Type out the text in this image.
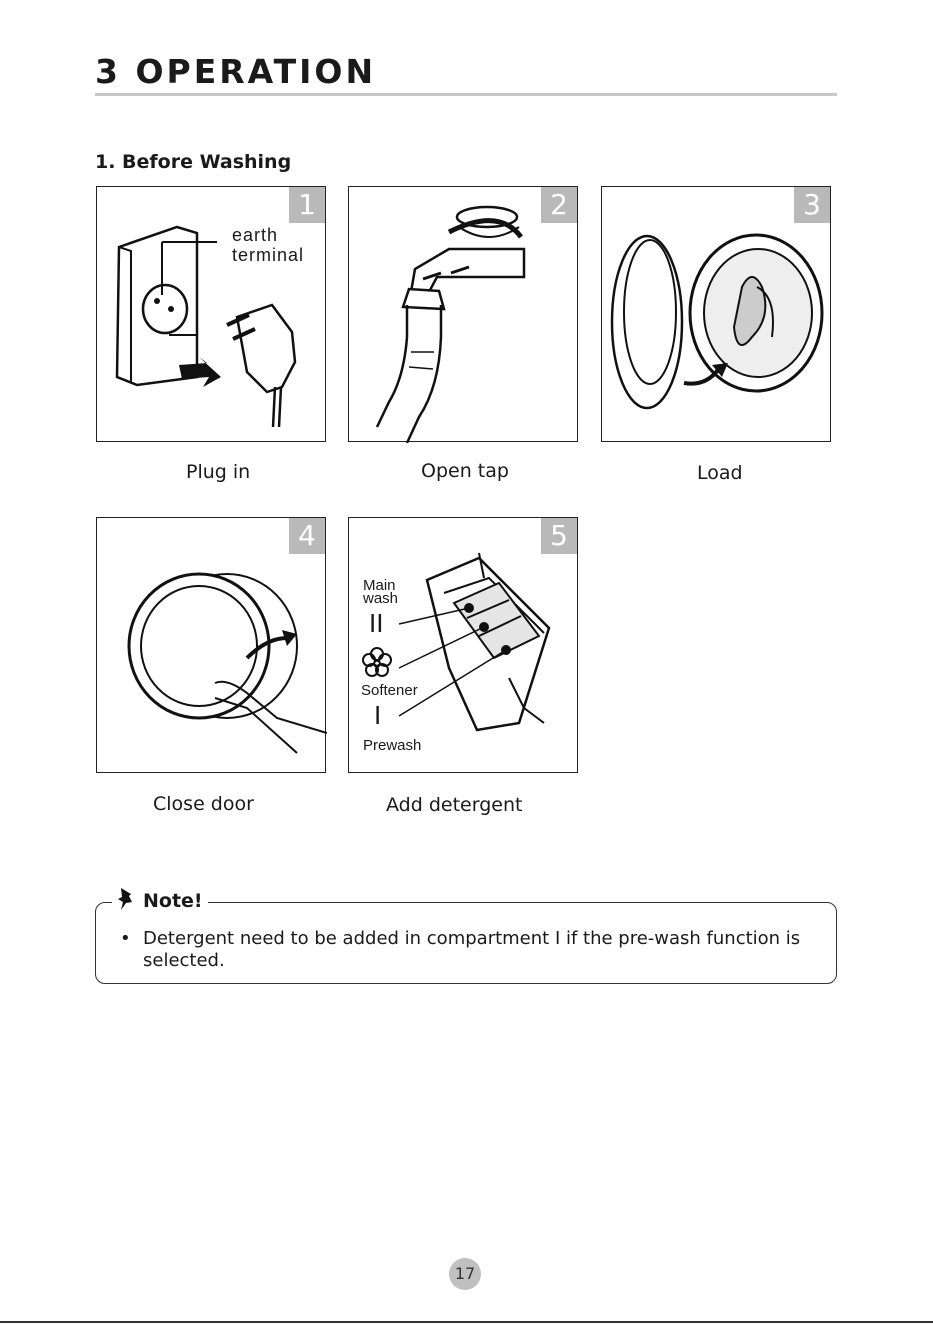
3 OPERATION
1. Before Washing
earth
terminal
1	2	3
Plug in	Open tap	Load
4
Main
wash
II
Softener
I
Prewash
5
Close door	Add detergent
Note!
• Detergent need to be added in compartment I if the pre-wash function is selected.
17
